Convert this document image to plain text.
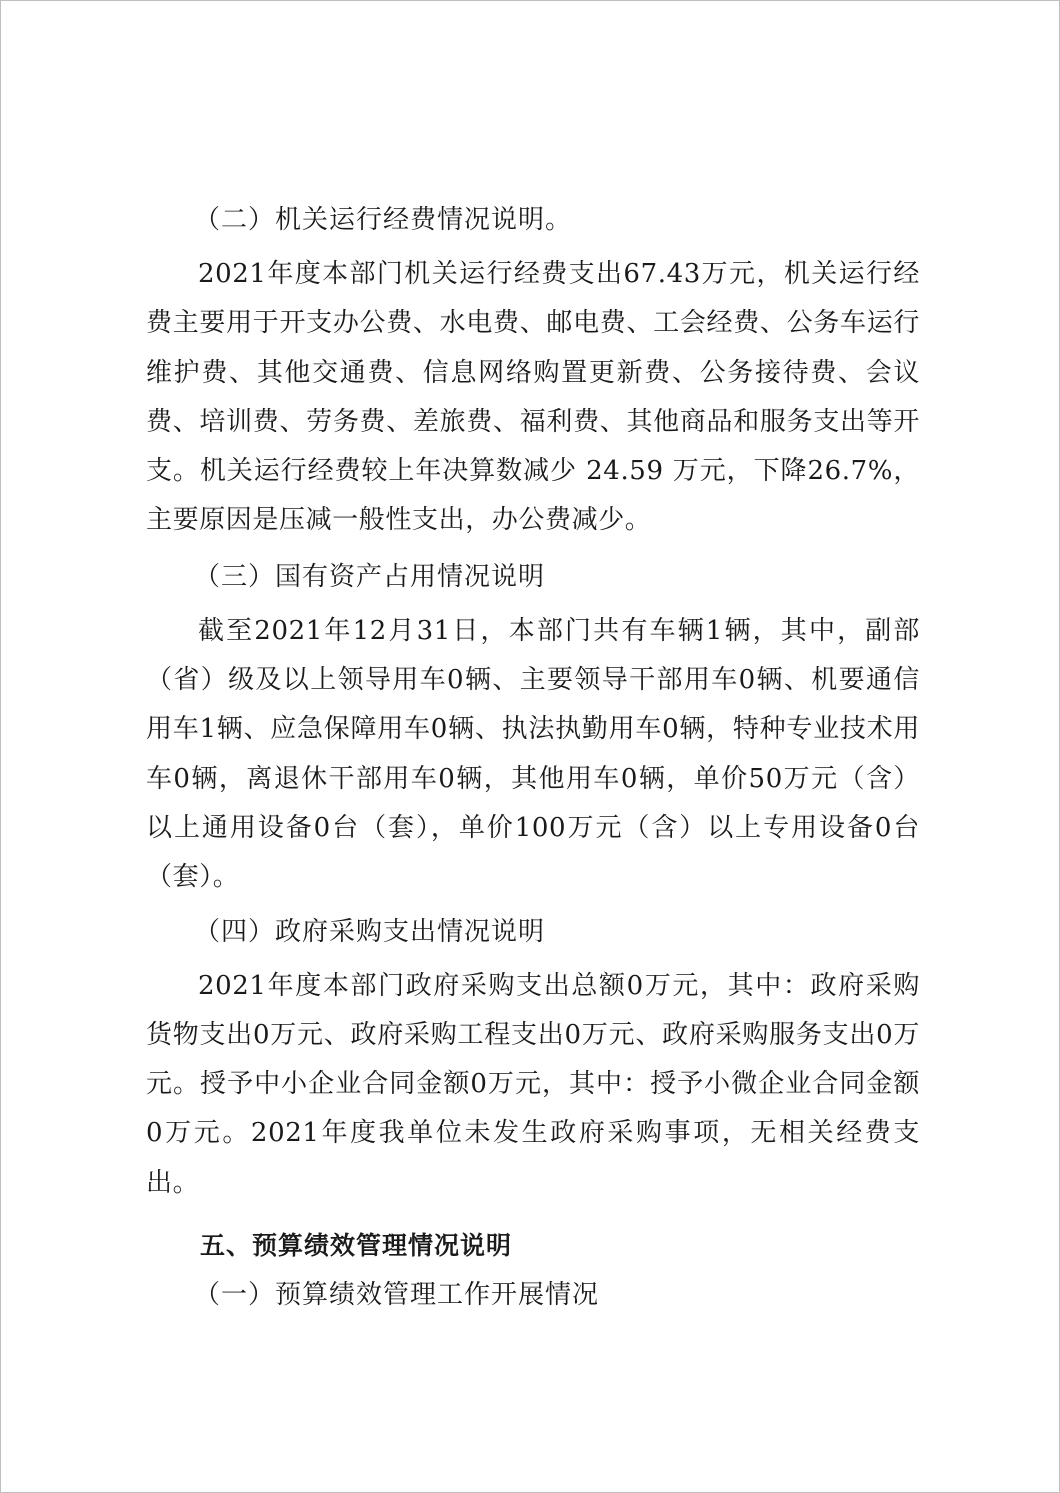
（二）机关运行经费情况说明。

2021年度本部门机关运行经费支出67.43万元，机关运行经费主要用于开支办公费、水电费、邮电费、工会经费、公务车运行维护费、其他交通费、信息网络购置更新费、公务接待费、会议费、培训费、劳务费、差旅费、福利费、其他商品和服务支出等开支。机关运行经费较上年决算数减少 24.59 万元，下降26.7%，主要原因是压减一般性支出，办公费减少。

（三）国有资产占用情况说明

截至2021年12月31日，本部门共有车辆1辆，其中，副部（省）级及以上领导用车0辆、主要领导干部用车0辆、机要通信用车1辆、应急保障用车0辆、执法执勤用车0辆，特种专业技术用车0辆，离退休干部用车0辆，其他用车0辆，单价50万元（含）以上通用设备0台（套），单价100万元（含）以上专用设备0台（套）。

（四）政府采购支出情况说明

2021年度本部门政府采购支出总额0万元，其中：政府采购货物支出0万元、政府采购工程支出0万元、政府采购服务支出0万元。授予中小企业合同金额0万元，其中：授予小微企业合同金额0万元。2021年度我单位未发生政府采购事项，无相关经费支出。

五、预算绩效管理情况说明

（一）预算绩效管理工作开展情况
